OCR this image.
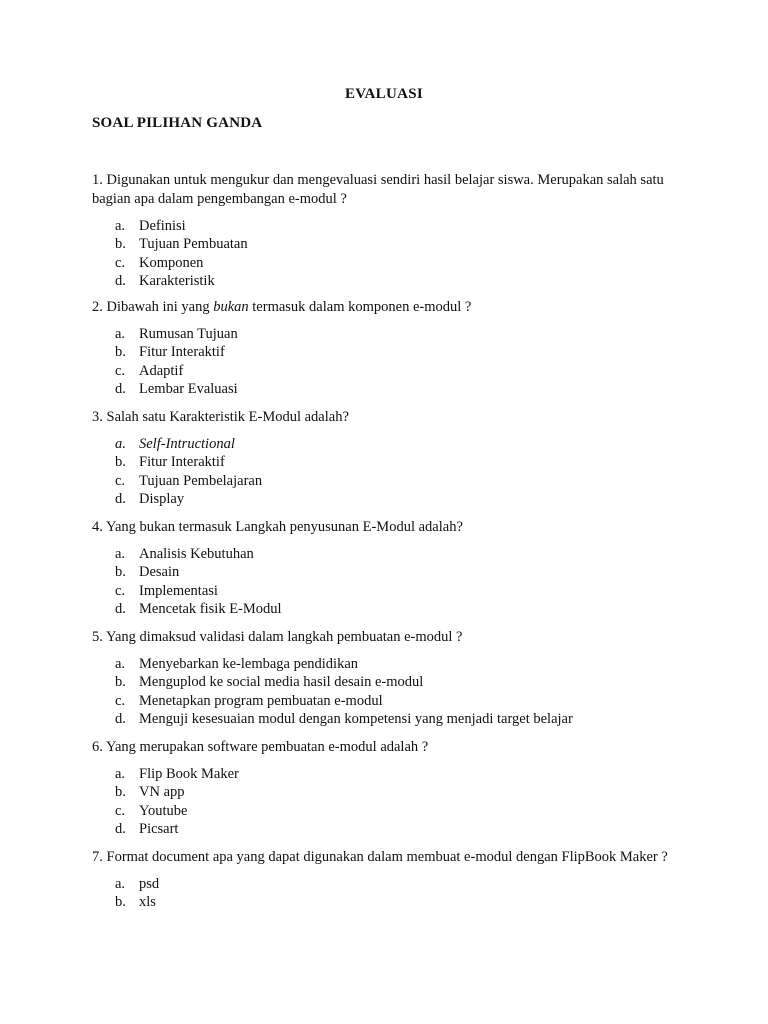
EVALUASI
SOAL PILIHAN GANDA

1. Digunakan untuk mengukur dan mengevaluasi sendiri hasil belajar siswa. Merupakan salah satu bagian apa dalam pengembangan e-modul ?

a. Definisi
b. Tujuan Pembuatan
c. Komponen
d. Karakteristik

2. Dibawah ini yang bukan termasuk dalam komponen e-modul ?

a. Rumusan Tujuan
b. Fitur Interaktif
c. Adaptif
d. Lembar Evaluasi

3. Salah satu Karakteristik E-Modul adalah?

a. Self-Intructional
b. Fitur Interaktif
c. Tujuan Pembelajaran
d. Display

4. Yang bukan termasuk Langkah penyusunan E-Modul adalah?

a. Analisis Kebutuhan
b. Desain
c. Implementasi
d. Mencetak fisik E-Modul

5. Yang dimaksud validasi dalam langkah pembuatan e-modul ?

a. Menyebarkan ke-lembaga pendidikan
b. Menguplod ke social media hasil desain e-modul
c. Menetapkan program pembuatan e-modul
d. Menguji kesesuaian modul dengan kompetensi yang menjadi target belajar

6. Yang merupakan software pembuatan e-modul adalah ?

a. Flip Book Maker
b. VN app
c. Youtube
d. Picsart

7. Format document apa yang dapat digunakan dalam membuat e-modul dengan FlipBook Maker ?

a. psd
b. xls
